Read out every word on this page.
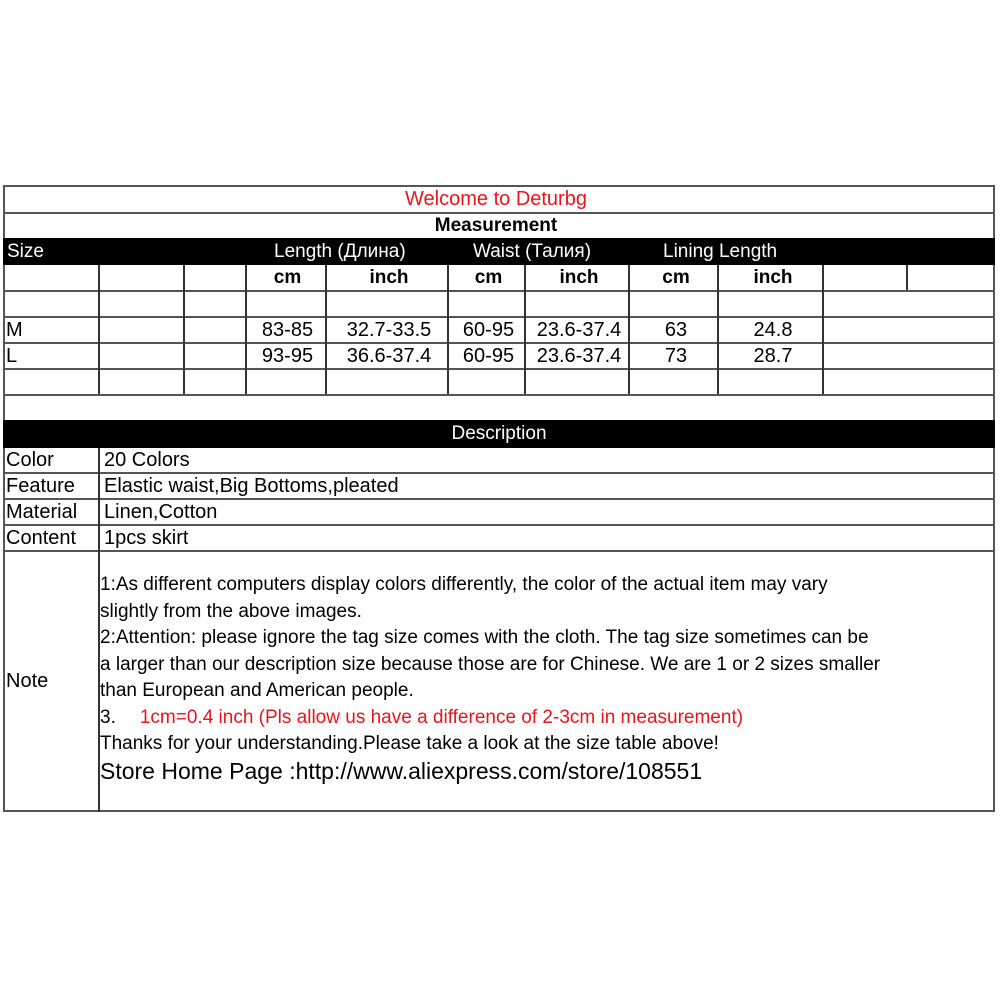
Welcome to Deturbg
Measurement
Size	Length (Длина)	Waist (Талия)	Lining Length
cm	inch	cm	inch	cm	inch
M	83-85	32.7-33.5	60-95	23.6-37.4	63	24.8
L	93-95	36.6-37.4	60-95	23.6-37.4	73	28.7
Description
Color	20 Colors
Feature	Elastic waist,Big Bottoms,pleated
Material	Linen,Cotton
Content	1pcs skirt
Note
1:As different computers display colors differently, the color of the actual item may vary
slightly from the above images.
2:Attention: please ignore the tag size comes with the cloth. The tag size sometimes can be
a larger than our description size because those are for Chinese. We are 1 or 2 sizes smaller
than European and American people.
3. 1cm=0.4 inch (Pls allow us have a difference of 2-3cm in measurement)
Thanks for your understanding.Please take a look at the size table above!
Store Home Page :http://www.aliexpress.com/store/108551
